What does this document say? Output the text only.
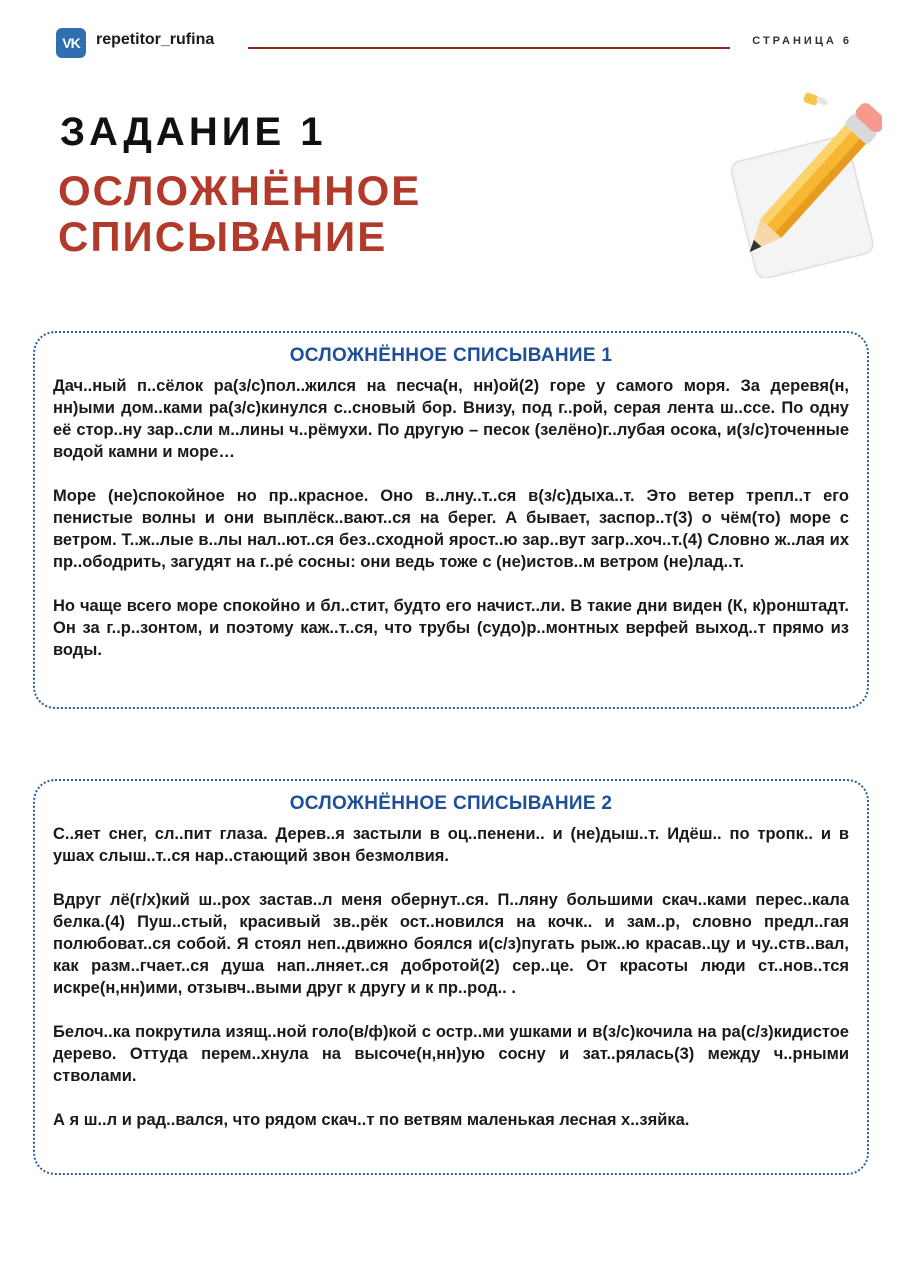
VK	repetitor_rufina	СТРАНИЦА 6
ЗАДАНИЕ 1
ОСЛОЖНЁННОЕ
СПИСЫВАНИЕ
ОСЛОЖНЁННОЕ СПИСЫВАНИЕ 1

Дач..ный п..сёлок ра(з/с)пол..жился на песча(н, нн)ой(2) горе у самого моря. За деревя(н, нн)ыми дом..ками ра(з/с)кинулся с..сновый бор. Внизу, под г..рой, серая лента ш..ссе. По одну её стор..ну зар..сли м..лины ч..рёмухи. По другую – песок (зелёно)г..лубая осока, и(з/с)точенные водой камни и море…

Море (не)спокойное но пр..красное. Оно в..лну..т..ся в(з/с)дыха..т. Это ветер трепл..т его пенистые волны и они выплёск..вают..ся на берег. А бывает, заспор..т(3) о чём(то) море с ветром. Т..ж..лые в..лы нал..ют..ся без..сходной ярост..ю зар..вут загр..хоч..т.(4) Словно ж..лая их пр..ободрить, загудят на г..ре́ сосны: они ведь тоже с (не)истов..м ветром (не)лад..т.

Но чаще всего море спокойно и бл..стит, будто его начист..ли. В такие дни виден (К, к)ронштадт. Он за г..р..зонтом, и поэтому каж..т..ся, что трубы (судо)р..монтных верфей выход..т прямо из воды.

ОСЛОЖНЁННОЕ СПИСЫВАНИЕ 2

С..яет снег, сл..пит глаза. Дерев..я застыли в оц..пенени.. и (не)дыш..т. Идёш.. по тропк.. и в ушах слыш..т..ся нар..стающий звон безмолвия.

Вдруг лё(г/х)кий ш..рох застав..л меня обернут..ся. П..ляну большими скач..ками перес..кала белка.(4) Пуш..стый, красивый зв..рёк ост..новился на кочк.. и зам..р, словно предл..гая полюбоват..ся собой. Я стоял неп..движно боялся и(с/з)пугать рыж..ю красав..цу и чу..ств..вал, как разм..гчает..ся душа нап..лняет..ся добротой(2) сер..це. От красоты люди ст..нов..тся искре(н,нн)ими, отзывч..выми друг к другу и к пр..род.. .

Белоч..ка покрутила изящ..ной голо(в/ф)кой с остр..ми ушками и в(з/с)кочила на ра(с/з)кидистое дерево. Оттуда перем..хнула на высоче(н,нн)ую сосну и зат..рялась(3) между ч..рными стволами.

А я ш..л и рад..вался, что рядом скач..т по ветвям маленькая лесная х..зяйка.
